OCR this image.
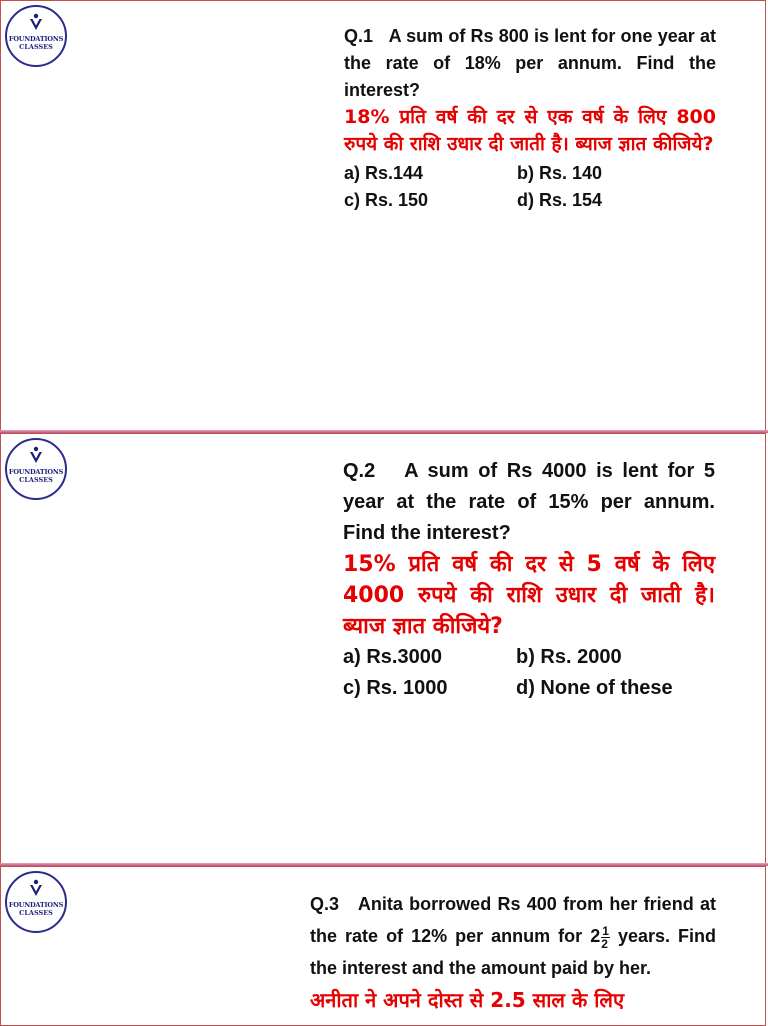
FOUNDATIONS
CLASSES
Q.1 A sum of Rs 800 is lent for one year at the rate of 18% per annum. Find the interest?
18% प्रति वर्ष की दर से एक वर्ष के लिए 800 रुपये की राशि उधार दी जाती है। ब्याज ज्ञात कीजिये?
a) Rs.144	b) Rs. 140
c) Rs. 150	d) Rs. 154
FOUNDATIONS
CLASSES	Q.2 A sum of Rs 4000 is lent for 5 year at the rate of 15% per annum. Find the interest?
15% प्रति वर्ष की दर से 5 वर्ष के लिए 4000 रुपये की राशि उधार दी जाती है। ब्याज ज्ञात कीजिये?
a) Rs.3000	b) Rs. 2000
c) Rs. 1000	d) None of these
FOUNDATIONS
CLASSES	Q.3 Anita borrowed Rs 400 from her friend at the rate of 12% per annum for $2 \frac{1}{2}$ years. Find the interest and the amount paid by her.
अनीता ने अपने दोस्त से 2.5 साल के लिए
